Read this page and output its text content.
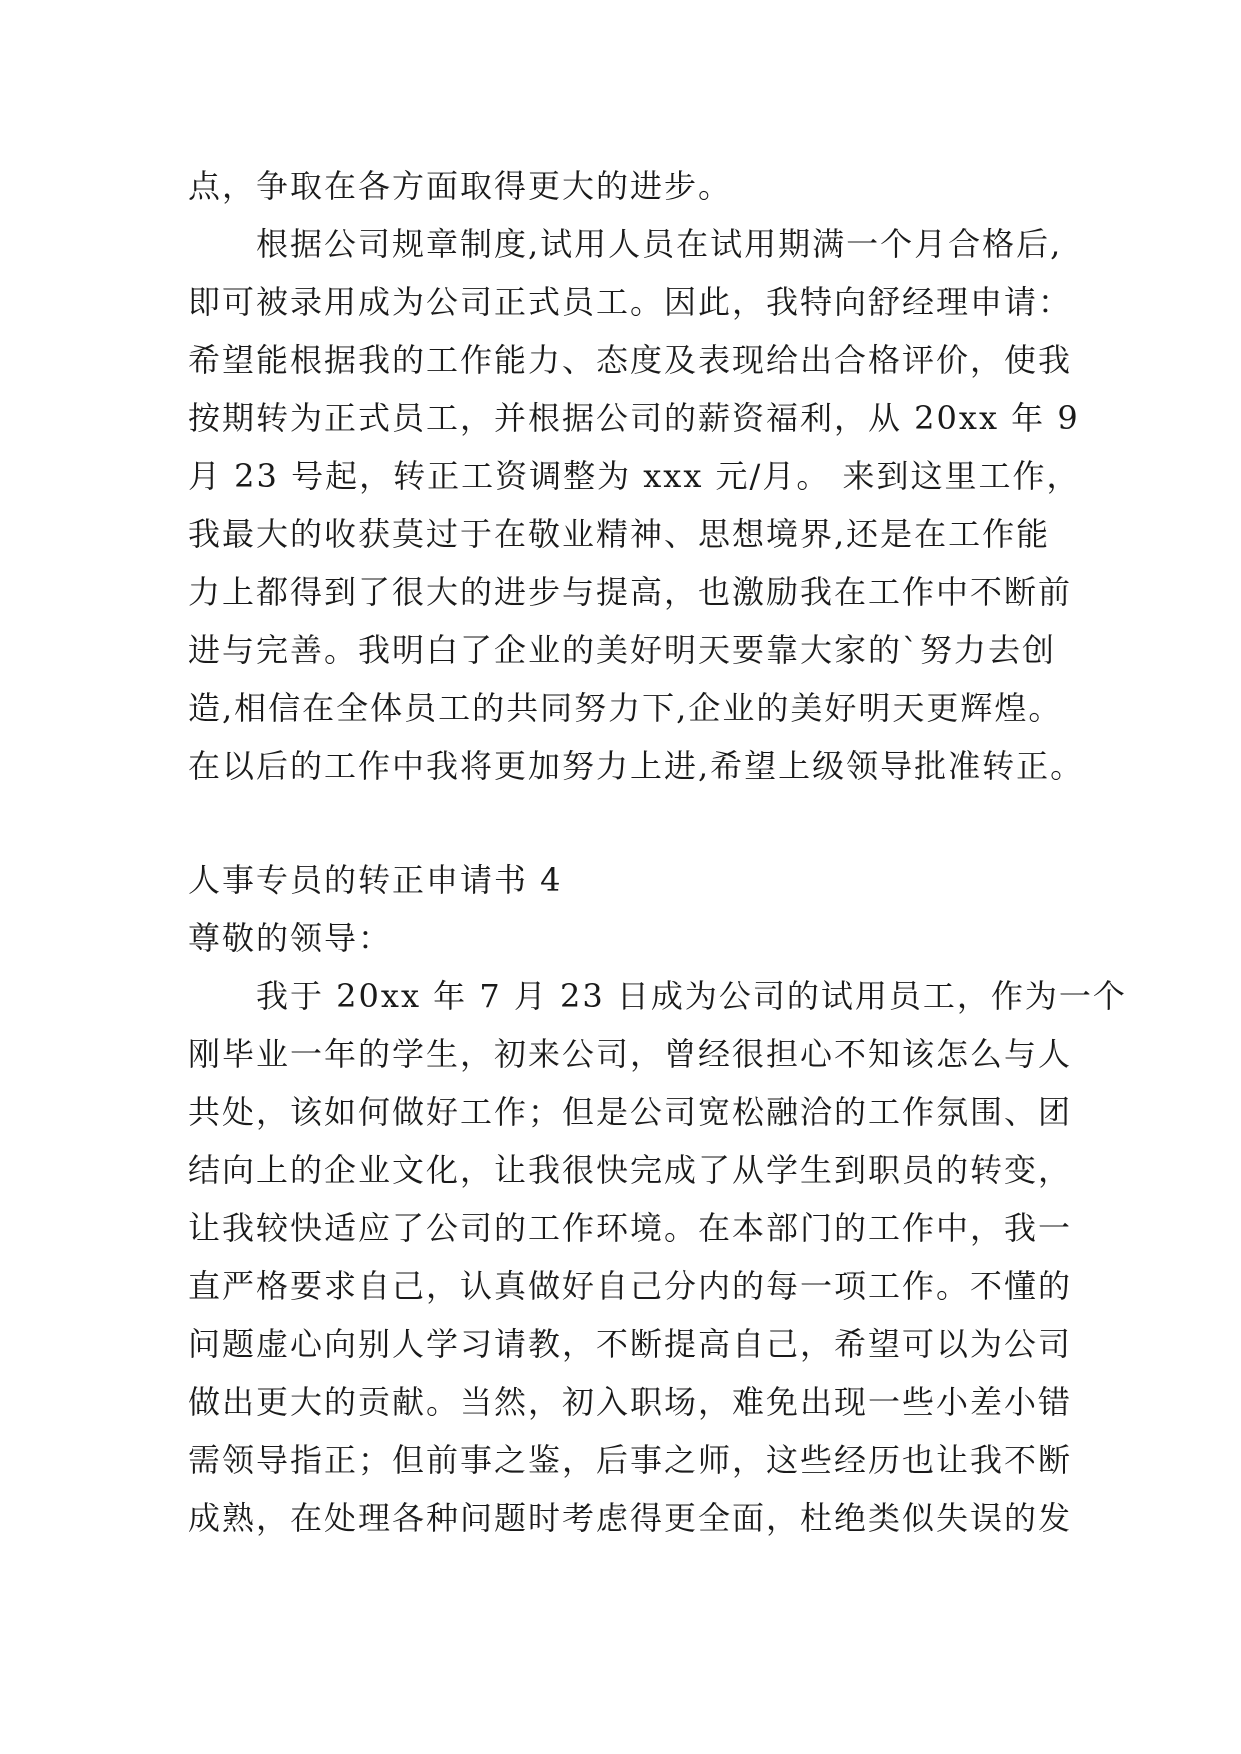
点，争取在各方面取得更大的进步。
根据公司规章制度,试用人员在试用期满一个月合格后,
即可被录用成为公司正式员工。因此，我特向舒经理申请：
希望能根据我的工作能力、态度及表现给出合格评价，使我
按期转为正式员工，并根据公司的薪资福利，从 20xx 年 9
月 23 号起，转正工资调整为 xxx 元/月。 来到这里工作，
我最大的收获莫过于在敬业精神、思想境界,还是在工作能
力上都得到了很大的进步与提高，也激励我在工作中不断前
进与完善。我明白了企业的美好明天要靠大家的`努力去创
造,相信在全体员工的共同努力下,企业的美好明天更辉煌。
在以后的工作中我将更加努力上进,希望上级领导批准转正。
人事专员的转正申请书 4
尊敬的领导：
我于 20xx 年 7 月 23 日成为公司的试用员工，作为一个
刚毕业一年的学生，初来公司，曾经很担心不知该怎么与人
共处，该如何做好工作；但是公司宽松融洽的工作氛围、团
结向上的企业文化，让我很快完成了从学生到职员的转变，
让我较快适应了公司的工作环境。在本部门的工作中，我一
直严格要求自己，认真做好自己分内的每一项工作。不懂的
问题虚心向别人学习请教，不断提高自己，希望可以为公司
做出更大的贡献。当然，初入职场，难免出现一些小差小错
需领导指正；但前事之鉴，后事之师，这些经历也让我不断
成熟，在处理各种问题时考虑得更全面，杜绝类似失误的发
